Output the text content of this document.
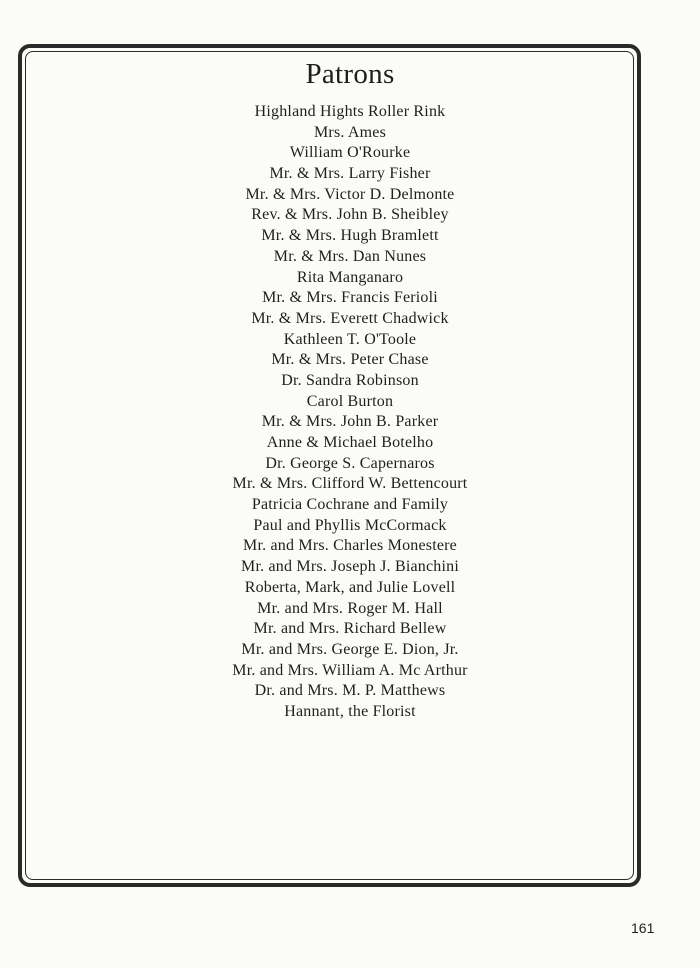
Patrons
Highland Hights Roller Rink
Mrs. Ames
William O'Rourke
Mr. & Mrs. Larry Fisher
Mr. & Mrs. Victor D. Delmonte
Rev. & Mrs. John B. Sheibley
Mr. & Mrs. Hugh Bramlett
Mr. & Mrs. Dan Nunes
Rita Manganaro
Mr. & Mrs. Francis Ferioli
Mr. & Mrs. Everett Chadwick
Kathleen T. O'Toole
Mr. & Mrs. Peter Chase
Dr. Sandra Robinson
Carol Burton
Mr. & Mrs. John B. Parker
Anne & Michael Botelho
Dr. George S. Capernaros
Mr. & Mrs. Clifford W. Bettencourt
Patricia Cochrane and Family
Paul and Phyllis McCormack
Mr. and Mrs. Charles Monestere
Mr. and Mrs. Joseph J. Bianchini
Roberta, Mark, and Julie Lovell
Mr. and Mrs. Roger M. Hall
Mr. and Mrs. Richard Bellew
Mr. and Mrs. George E. Dion, Jr.
Mr. and Mrs. William A. Mc Arthur
Dr. and Mrs. M. P. Matthews
Hannant, the Florist
161
